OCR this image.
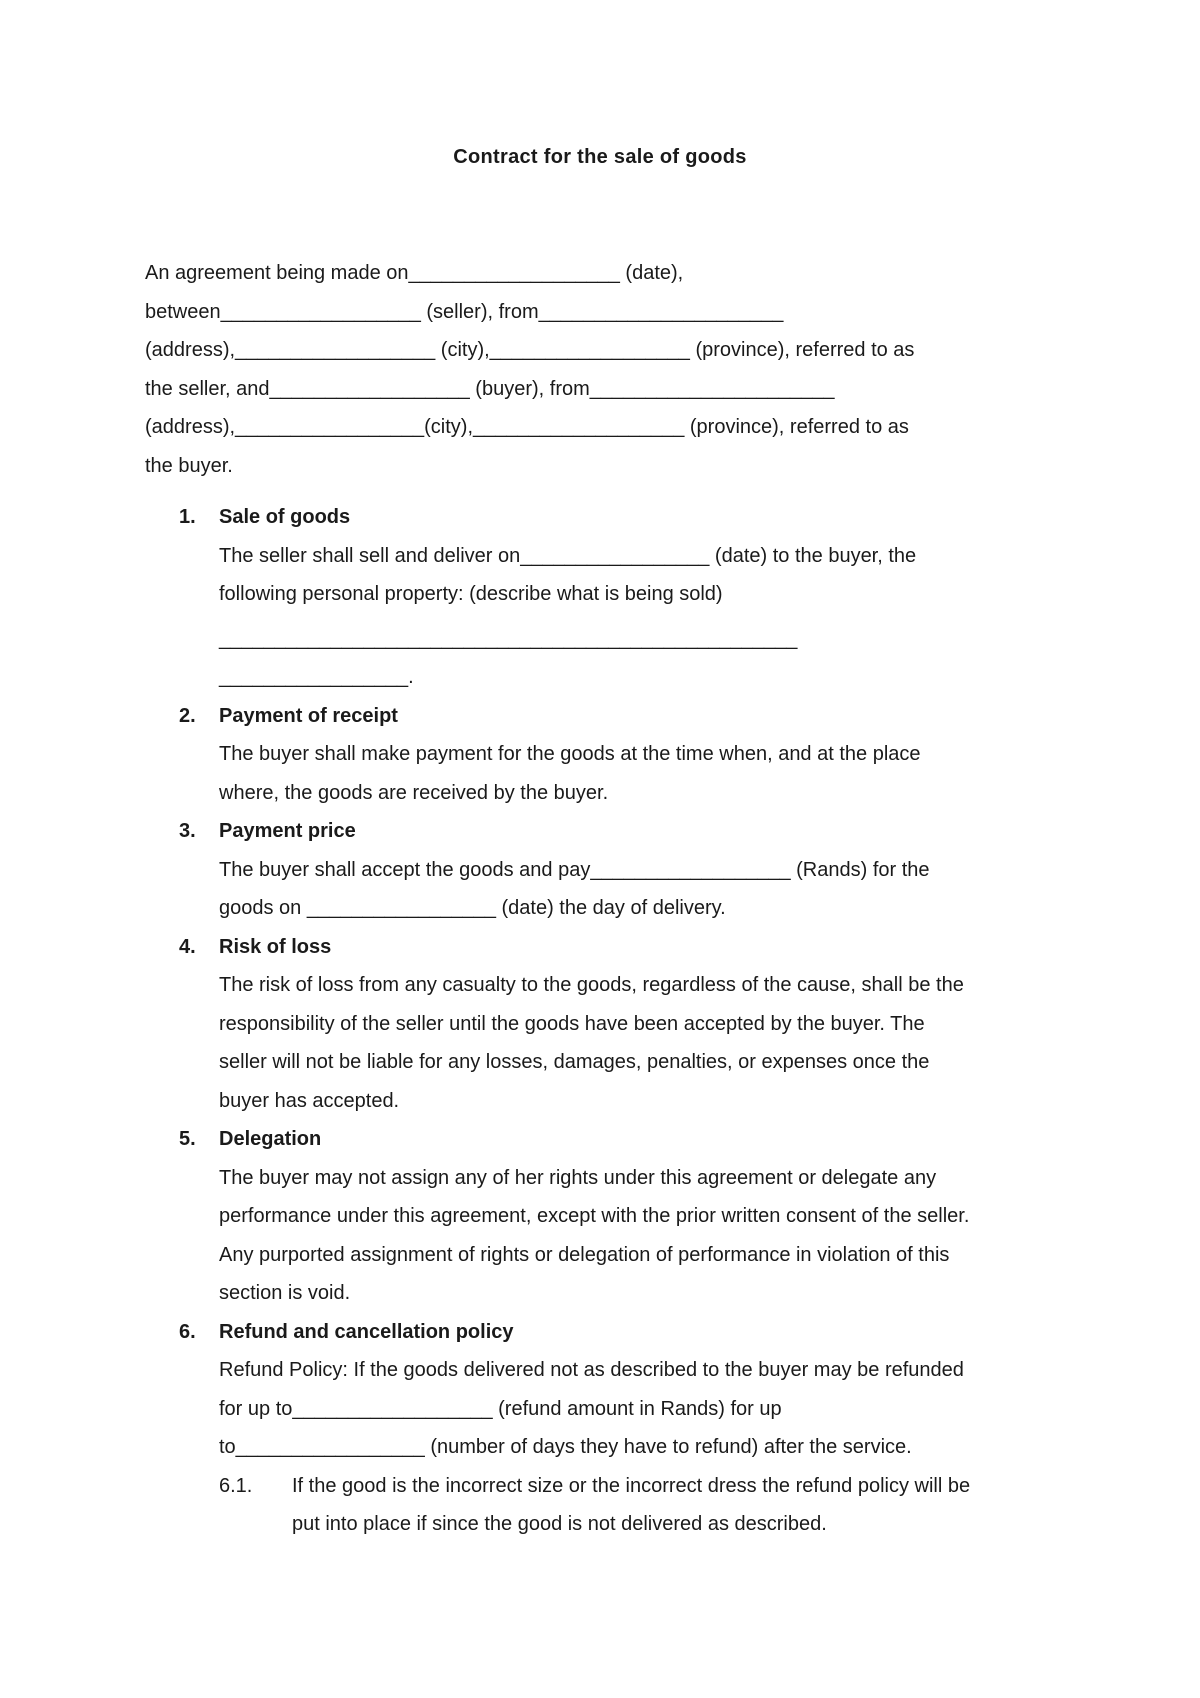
Contract for the sale of goods

An agreement being made on___________________ (date),
between__________________ (seller), from______________________
(address),__________________ (city),__________________ (province), referred to as
the seller, and__________________ (buyer), from______________________
(address),_________________(city),___________________ (province), referred to as
the buyer.

1. Sale of goods
The seller shall sell and deliver on_________________ (date) to the buyer, the
following personal property: (describe what is being sold)
____________________________________________________
_________________.
2. Payment of receipt
The buyer shall make payment for the goods at the time when, and at the place
where, the goods are received by the buyer.
3. Payment price
The buyer shall accept the goods and pay__________________ (Rands) for the
goods on _________________ (date) the day of delivery.
4. Risk of loss
The risk of loss from any casualty to the goods, regardless of the cause, shall be the
responsibility of the seller until the goods have been accepted by the buyer. The
seller will not be liable for any losses, damages, penalties, or expenses once the
buyer has accepted.
5. Delegation
The buyer may not assign any of her rights under this agreement or delegate any
performance under this agreement, except with the prior written consent of the seller.
Any purported assignment of rights or delegation of performance in violation of this
section is void.
6. Refund and cancellation policy
Refund Policy: If the goods delivered not as described to the buyer may be refunded
for up to__________________ (refund amount in Rands) for up
to_________________ (number of days they have to refund) after the service.
6.1. If the good is the incorrect size or the incorrect dress the refund policy will be
put into place if since the good is not delivered as described.
